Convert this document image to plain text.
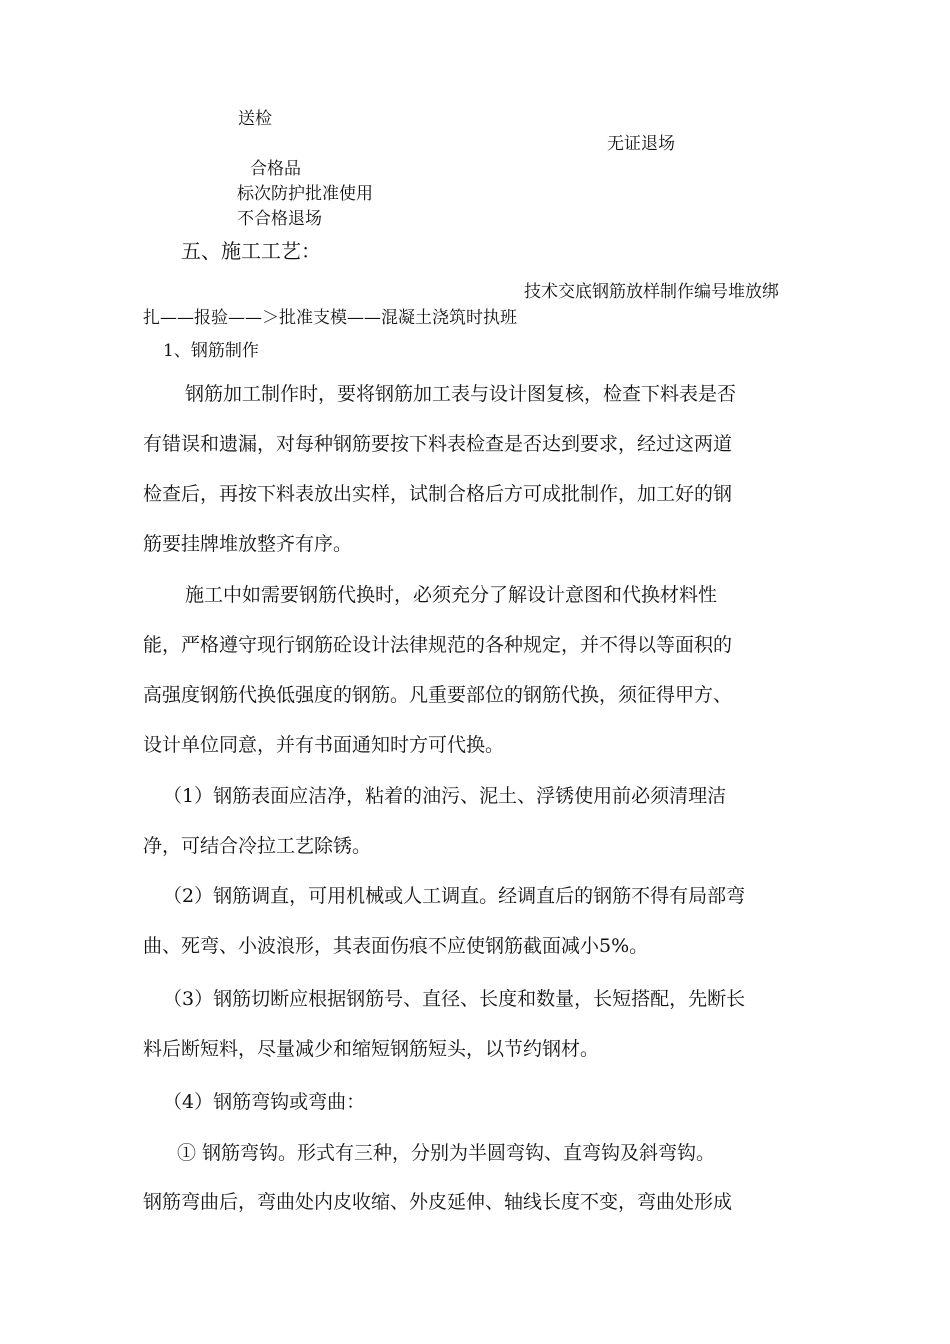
送检
无证退场
合格品
标次防护批准使用
不合格退场
五、施工工艺：
技术交底钢筋放样制作编号堆放绑
扎——报验——＞批准支模——混凝土浇筑时执班
1、钢筋制作
钢筋加工制作时，要将钢筋加工表与设计图复核，检查下料表是否
有错误和遗漏，对每种钢筋要按下料表检查是否达到要求，经过这两道
检查后，再按下料表放出实样，试制合格后方可成批制作，加工好的钢
筋要挂牌堆放整齐有序。
施工中如需要钢筋代换时，必须充分了解设计意图和代换材料性
能，严格遵守现行钢筋砼设计法律规范的各种规定，并不得以等面积的
高强度钢筋代换低强度的钢筋。凡重要部位的钢筋代换，须征得甲方、
设计单位同意，并有书面通知时方可代换。
（1）钢筋表面应洁净，粘着的油污、泥土、浮锈使用前必须清理洁
净，可结合冷拉工艺除锈。
（2）钢筋调直，可用机械或人工调直。经调直后的钢筋不得有局部弯
曲、死弯、小波浪形，其表面伤痕不应使钢筋截面减小5%。
（3）钢筋切断应根据钢筋号、直径、长度和数量，长短搭配，先断长
料后断短料，尽量减少和缩短钢筋短头，以节约钢材。
（4）钢筋弯钩或弯曲：
① 钢筋弯钩。形式有三种，分别为半圆弯钩、直弯钩及斜弯钩。
钢筋弯曲后，弯曲处内皮收缩、外皮延伸、轴线长度不变，弯曲处形成
